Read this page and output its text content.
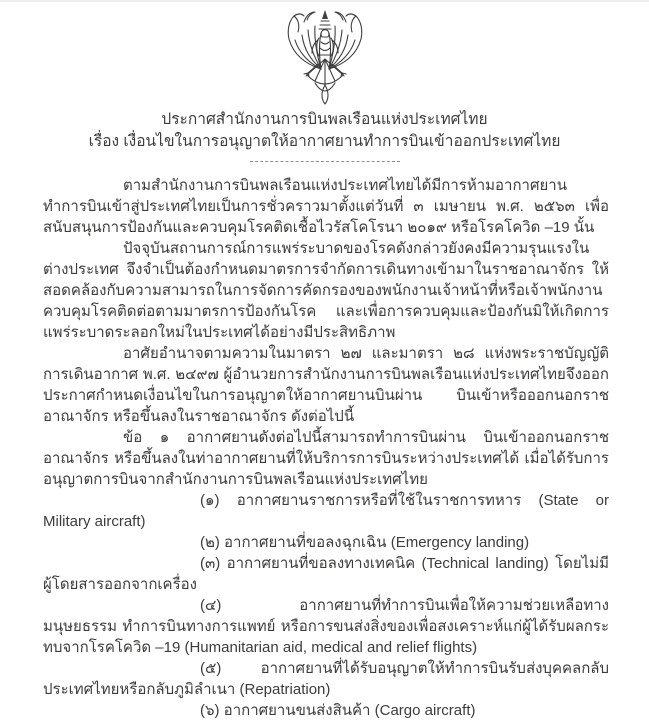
ประกาศสำนักงานการบินพลเรือนแห่งประเทศไทย
เรื่อง เงื่อนไขในการอนุญาตให้อากาศยานทำการบินเข้าออกประเทศไทย

ตามสำนักงานการบินพลเรือนแห่งประเทศไทยได้มีการห้ามอากาศยานทำการบินเข้าสู่ประเทศไทยเป็นการชั่วคราวมาตั้งแต่วันที่ ๓ เมษายน พ.ศ. ๒๕๖๓ เพื่อสนับสนุนการป้องกันและควบคุมโรคติดเชื้อไวรัสโคโรนา ๒๐๑๙ หรือโรคโควิด –19 นั้น

ปัจจุบันสถานการณ์การแพร่ระบาดของโรคดังกล่าวยังคงมีความรุนแรงในต่างประเทศ จึงจำเป็นต้องกำหนดมาตรการจำกัดการเดินทางเข้ามาในราชอาณาจักร ให้สอดคล้องกับความสามารถในการจัดการคัดกรองของพนักงานเจ้าหน้าที่หรือเจ้าพนักงานควบคุมโรคติดต่อตามมาตรการป้องกันโรค และเพื่อการควบคุมและป้องกันมิให้เกิดการแพร่ระบาดระลอกใหม่ในประเทศได้อย่างมีประสิทธิภาพ

อาศัยอำนาจตามความในมาตรา ๒๗ และมาตรา ๒๘ แห่งพระราชบัญญัติการเดินอากาศ พ.ศ. ๒๔๙๗ ผู้อำนวยการสำนักงานการบินพลเรือนแห่งประเทศไทยจึงออกประกาศกำหนดเงื่อนไขในการอนุญาตให้อากาศยานบินผ่าน บินเข้าหรือออกนอกราชอาณาจักร หรือขึ้นลงในราชอาณาจักร ดังต่อไปนี้

ข้อ ๑ อากาศยานดังต่อไปนี้สามารถทำการบินผ่าน บินเข้าออกนอกราชอาณาจักร หรือขึ้นลงในท่าอากาศยานที่ให้บริการการบินระหว่างประเทศได้ เมื่อได้รับการอนุญาตการบินจากสำนักงานการบินพลเรือนแห่งประเทศไทย

(๑) อากาศยานราชการหรือที่ใช้ในราชการทหาร (State or Military aircraft)

(๒) อากาศยานที่ขอลงฉุกเฉิน (Emergency landing)

(๓) อากาศยานที่ขอลงทางเทคนิค (Technical landing) โดยไม่มีผู้โดยสารออกจากเครื่อง

(๔) อากาศยานที่ทำการบินเพื่อให้ความช่วยเหลือทางมนุษยธรรม ทำการบินทางการแพทย์ หรือการขนส่งสิ่งของเพื่อสงเคราะห์แก่ผู้ได้รับผลกระทบจากโรคโควิด –19 (Humanitarian aid, medical and relief flights)

(๕) อากาศยานที่ได้รับอนุญาตให้ทำการบินรับส่งบุคคลกลับประเทศไทยหรือกลับภูมิลำเนา (Repatriation)

(๖) อากาศยานขนส่งสินค้า (Cargo aircraft)
